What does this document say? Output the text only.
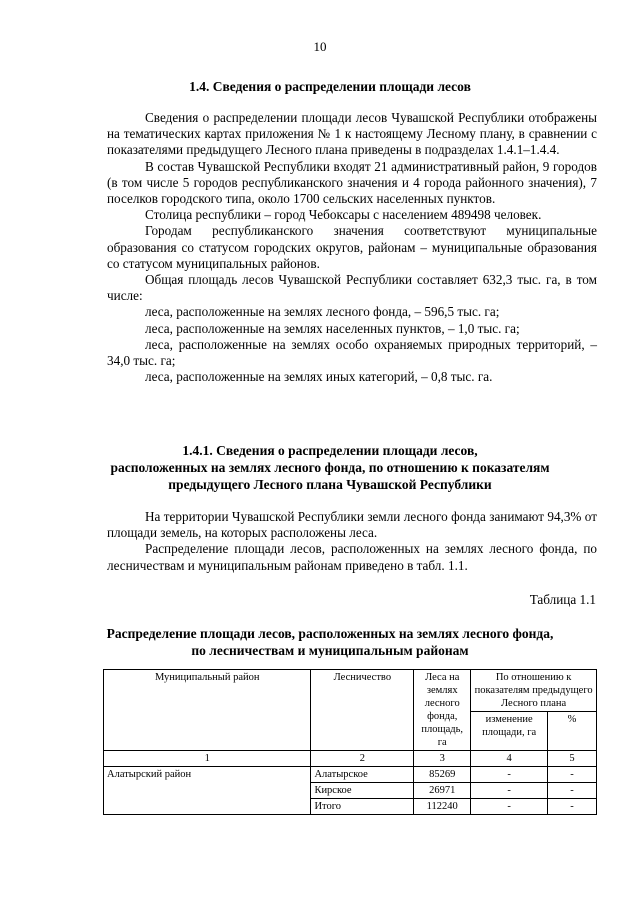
10
1.4. Сведения о распределении площади лесов

Сведения о распределении площади лесов Чувашской Республики отображены на тематических картах приложения № 1 к настоящему Лесному плану, в сравнении с показателями предыдущего Лесного плана приведены в подразделах 1.4.1–1.4.4.

В состав Чувашской Республики входят 21 административный район, 9 городов (в том числе 5 городов республиканского значения и 4 города районного значения), 7 поселков городского типа, около 1700 сельских населенных пунктов.

Столица республики – город Чебоксары с населением 489498 человек.

Городам республиканского значения соответствуют муниципальные образования со статусом городских округов, районам – муниципальные образования со статусом муниципальных районов.

Общая площадь лесов Чувашской Республики составляет 632,3 тыс. га, в том числе:

леса, расположенные на землях лесного фонда, – 596,5 тыс. га;

леса, расположенные на землях населенных пунктов, – 1,0 тыс. га;

леса, расположенные на землях особо охраняемых природных территорий, – 34,0 тыс. га;

леса, расположенные на землях иных категорий, – 0,8 тыс. га.

1.4.1. Сведения о распределении площади лесов,
расположенных на землях лесного фонда, по отношению к показателям
предыдущего Лесного плана Чувашской Республики

На территории Чувашской Республики земли лесного фонда занимают 94,3% от площади земель, на которых расположены леса.

Распределение площади лесов, расположенных на землях лесного фонда, по лесничествам и муниципальным районам приведено в табл. 1.1.

Таблица 1.1
Распределение площади лесов, расположенных на землях лесного фонда,
по лесничествам и муниципальным районам
Муниципальный район	Лесничество	Леса на землях лесного фонда, площадь, га	По отношению к показателям предыдущего Лесного плана	
			изменение площади, га	%
1	2	3	4	5
Алатырский район	Алатырское	85269	-	-
	Кирское	26971	-	-
	Итого	112240	-	-
